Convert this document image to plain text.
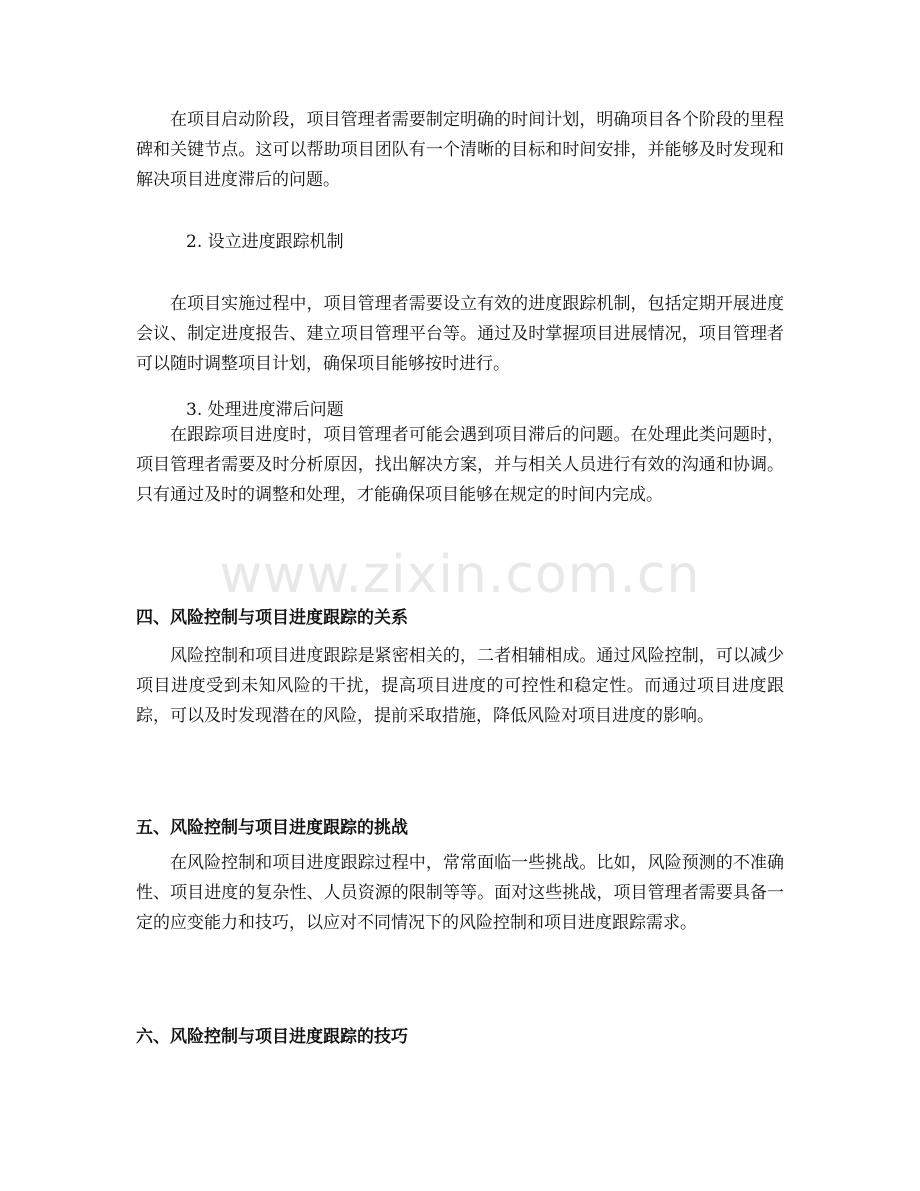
在项目启动阶段，项目管理者需要制定明确的时间计划，明确项目各个阶段的里程碑和关键节点。这可以帮助项目团队有一个清晰的目标和时间安排，并能够及时发现和解决项目进度滞后的问题。

2. 设立进度跟踪机制

在项目实施过程中，项目管理者需要设立有效的进度跟踪机制，包括定期开展进度会议、制定进度报告、建立项目管理平台等。通过及时掌握项目进展情况，项目管理者可以随时调整项目计划，确保项目能够按时进行。

3. 处理进度滞后问题

在跟踪项目进度时，项目管理者可能会遇到项目滞后的问题。在处理此类问题时，项目管理者需要及时分析原因，找出解决方案，并与相关人员进行有效的沟通和协调。只有通过及时的调整和处理，才能确保项目能够在规定的时间内完成。

四、风险控制与项目进度跟踪的关系

风险控制和项目进度跟踪是紧密相关的，二者相辅相成。通过风险控制，可以减少项目进度受到未知风险的干扰，提高项目进度的可控性和稳定性。而通过项目进度跟踪，可以及时发现潜在的风险，提前采取措施，降低风险对项目进度的影响。

五、风险控制与项目进度跟踪的挑战

在风险控制和项目进度跟踪过程中，常常面临一些挑战。比如，风险预测的不准确性、项目进度的复杂性、人员资源的限制等等。面对这些挑战，项目管理者需要具备一定的应变能力和技巧，以应对不同情况下的风险控制和项目进度跟踪需求。

六、风险控制与项目进度跟踪的技巧

www.zixin.com.cn
